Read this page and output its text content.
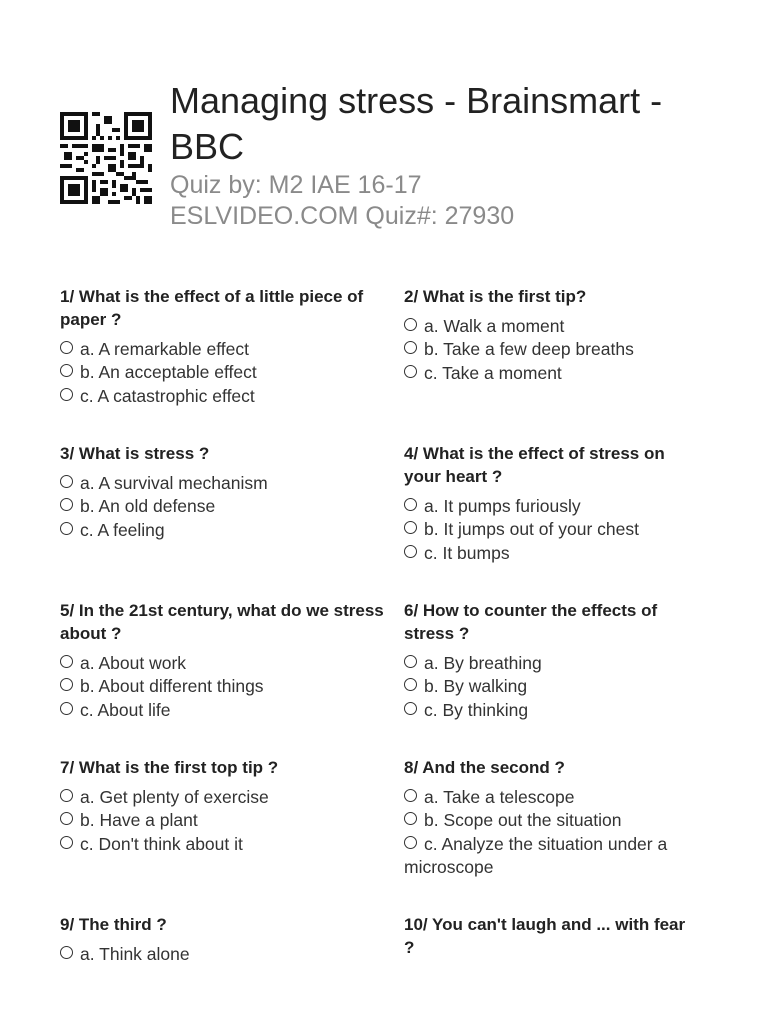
Managing stress - Brainsmart - BBC
Quiz by: M2 IAE 16-17
ESLVIDEO.COM Quiz#: 27930
1/ What is the effect of a little piece of paper ?
a. A remarkable effect
b. An acceptable effect
c. A catastrophic effect
2/ What is the first tip?
a. Walk a moment
b. Take a few deep breaths
c. Take a moment
3/ What is stress ?
a. A survival mechanism
b. An old defense
c. A feeling
4/ What is the effect of stress on your heart ?
a. It pumps furiously
b. It jumps out of your chest
c. It bumps
5/ In the 21st century, what do we stress about ?
a. About work
b. About different things
c. About life
6/ How to counter the effects of stress ?
a. By breathing
b. By walking
c. By thinking
7/ What is the first top tip ?
a. Get plenty of exercise
b. Have a plant
c. Don't think about it
8/ And the second ?
a. Take a telescope
b. Scope out the situation
c. Analyze the situation under a microscope
9/ The third ?
a. Think alone
10/ You can't laugh and ... with fear ?
